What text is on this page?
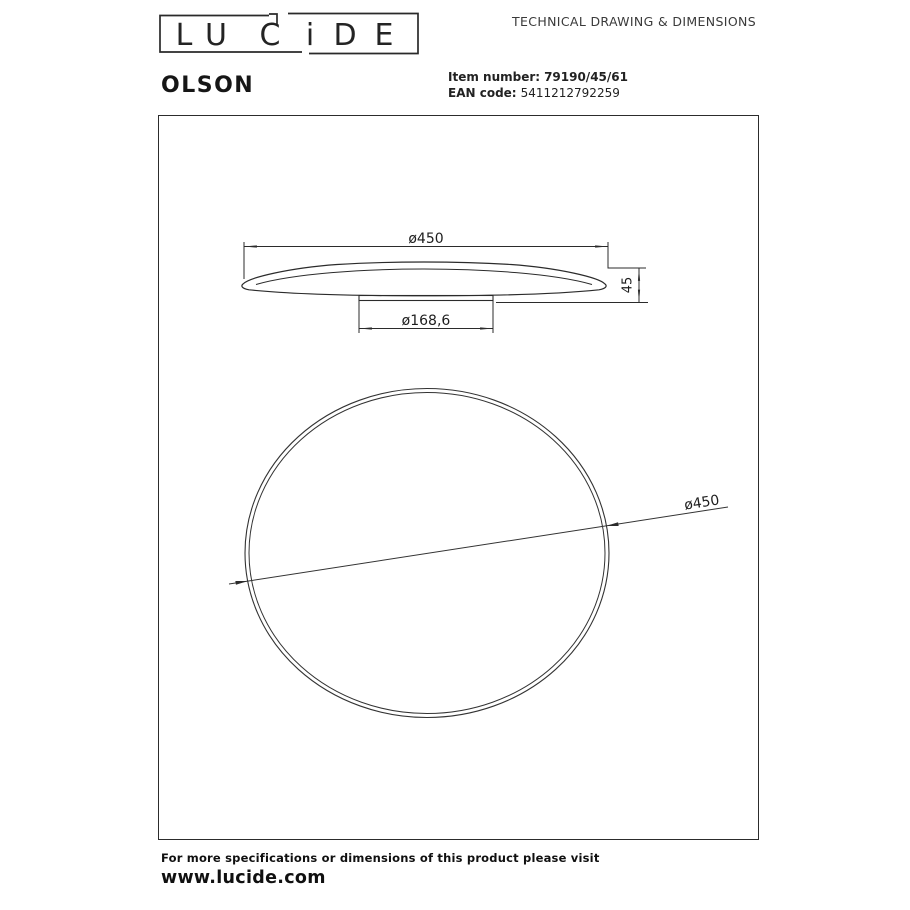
L U C i D E	TECHNICAL DRAWING & DIMENSIONS
OLSON	Item number: 79190/45/61
EAN code: 5411212792259
ø450
ø168,6
45
ø450
For more specifications or dimensions of this product please visit
www.lucide.com
